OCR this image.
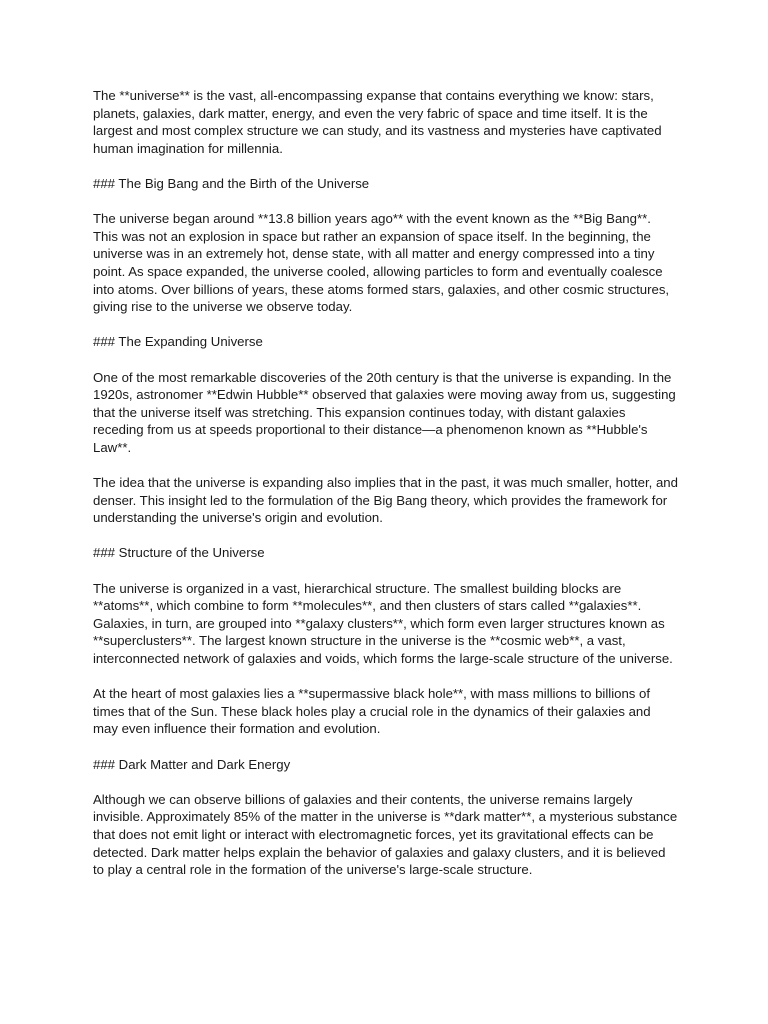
The **universe** is the vast, all-encompassing expanse that contains everything we know: stars, planets, galaxies, dark matter, energy, and even the very fabric of space and time itself. It is the largest and most complex structure we can study, and its vastness and mysteries have captivated human imagination for millennia.

### The Big Bang and the Birth of the Universe

The universe began around **13.8 billion years ago** with the event known as the **Big Bang**. This was not an explosion in space but rather an expansion of space itself. In the beginning, the universe was in an extremely hot, dense state, with all matter and energy compressed into a tiny point. As space expanded, the universe cooled, allowing particles to form and eventually coalesce into atoms. Over billions of years, these atoms formed stars, galaxies, and other cosmic structures, giving rise to the universe we observe today.

### The Expanding Universe

One of the most remarkable discoveries of the 20th century is that the universe is expanding. In the 1920s, astronomer **Edwin Hubble** observed that galaxies were moving away from us, suggesting that the universe itself was stretching. This expansion continues today, with distant galaxies receding from us at speeds proportional to their distance—a phenomenon known as **Hubble's Law**.

The idea that the universe is expanding also implies that in the past, it was much smaller, hotter, and denser. This insight led to the formulation of the Big Bang theory, which provides the framework for understanding the universe's origin and evolution.

### Structure of the Universe

The universe is organized in a vast, hierarchical structure. The smallest building blocks are **atoms**, which combine to form **molecules**, and then clusters of stars called **galaxies**. Galaxies, in turn, are grouped into **galaxy clusters**, which form even larger structures known as **superclusters**. The largest known structure in the universe is the **cosmic web**, a vast, interconnected network of galaxies and voids, which forms the large-scale structure of the universe.

At the heart of most galaxies lies a **supermassive black hole**, with mass millions to billions of times that of the Sun. These black holes play a crucial role in the dynamics of their galaxies and may even influence their formation and evolution.

### Dark Matter and Dark Energy

Although we can observe billions of galaxies and their contents, the universe remains largely invisible. Approximately 85% of the matter in the universe is **dark matter**, a mysterious substance that does not emit light or interact with electromagnetic forces, yet its gravitational effects can be detected. Dark matter helps explain the behavior of galaxies and galaxy clusters, and it is believed to play a central role in the formation of the universe's large-scale structure.
